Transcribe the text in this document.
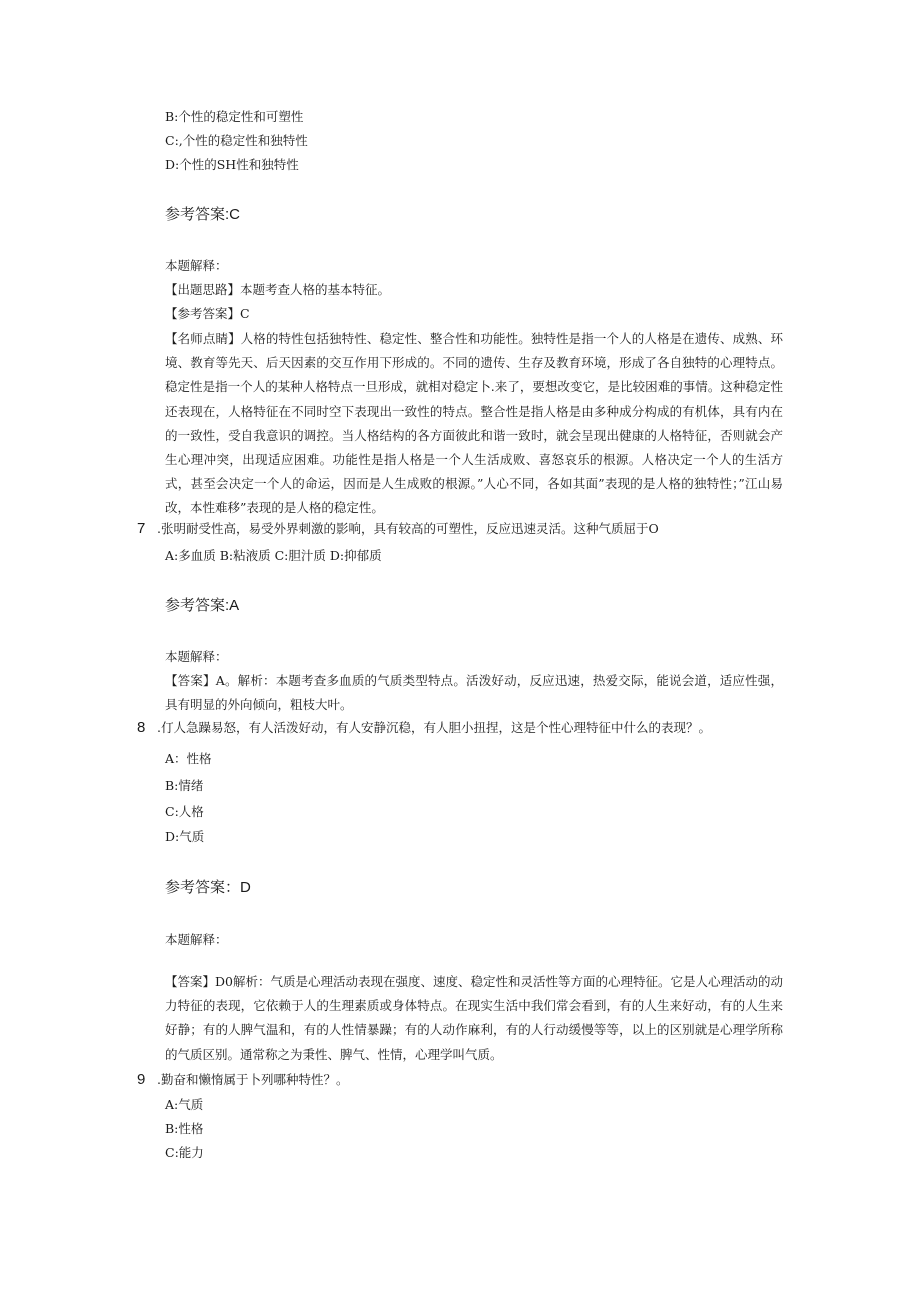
B:个性的稳定性和可塑性
C:,个性的稳定性和独特性
D:个性的SH性和独特性
参考答案:C
本题解释：
【出题思路】本题考查人格的基本特征。
【参考答案】C
【名师点睛】人格的特性包括独特性、稳定性、整合性和功能性。独特性是指一个人的人格是在遗传、成熟、环境、教育等先天、后天因素的交互作用下形成的。不同的遗传、生存及教育环境，形成了各自独特的心理特点。稳定性是指一个人的某种人格特点一旦形成，就相对稳定卜.来了，要想改变它，是比较困难的事情。这种稳定性还表现在，人格特征在不同时空下表现出一致性的特点。整合性是指人格是由多种成分构成的有机体，具有内在的一致性，受自我意识的调控。当人格结构的各方面彼此和谐一致时，就会呈现出健康的人格特征，否则就会产生心理冲突，出现适应困难。功能性是指人格是一个人生活成败、喜怒哀乐的根源。人格决定一个人的生活方式，甚至会决定一个人的命运，因而是人生成败的根源。”人心不同，各如其面”表现的是人格的独特性；”江山易改，本性难移”表现的是人格的稳定性。
7 .张明耐受性高，易受外界刺激的影响，具有较高的可塑性，反应迅速灵活。这种气质屈于O
A:多血质 B:粘液质 C:胆汁质 D:抑郁质
参考答案:A
本题解释：
【答案】A。解析：本题考查多血质的气质类型特点。活泼好动，反应迅速，热爱交际，能说会道，适应性强，具有明显的外向倾向，粗枝大叶。
8 .仃人急躁易怒，有人活泼好动，有人安静沉稳，有人胆小扭捏，这是个性心理特征中什么的表现？。
A：性格
B:情绪
C:人格
D:气质
参考答案：D
本题解释：
【答案】D0解析：气质是心理活动表现在强度、速度、稳定性和灵活性等方面的心理特征。它是人心理活动的动力特征的表现，它依赖于人的生理素质或身体特点。在现实生活中我们常会看到，有的人生来好动，有的人生来好静；有的人脾气温和，有的人性情暴躁；有的人动作麻利，有的人行动缓慢等等，以上的区别就是心理学所称的气质区别。通常称之为秉性、脾气、性情，心理学叫气质。
9 .勤奋和懒惰属于卜列哪种特性？。
A:气质
B:性格
C:能力
